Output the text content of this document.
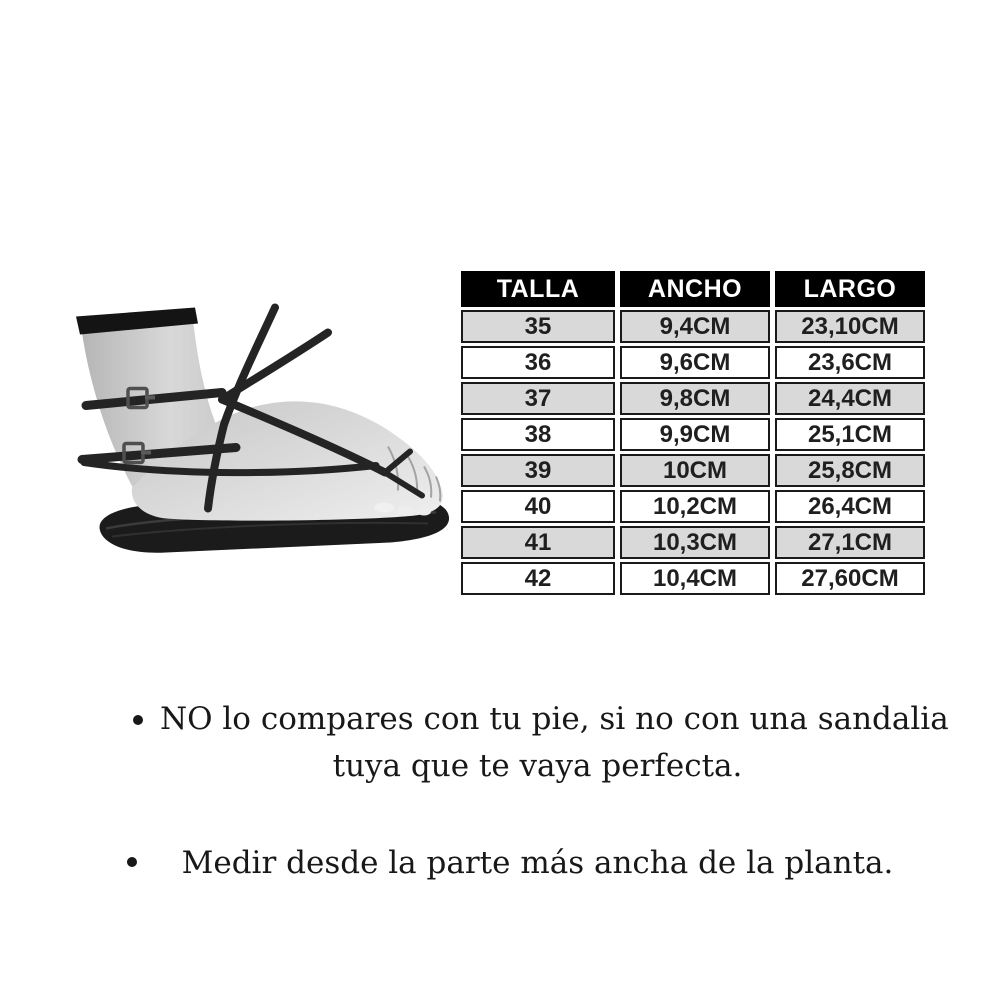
TALLA	ANCHO	LARGO
35	9,4CM	23,10CM
36	9,6CM	23,6CM
37	9,8CM	24,4CM
38	9,9CM	25,1CM
39	10CM	25,8CM
40	10,2CM	26,4CM
41	10,3CM	27,1CM
42	10,4CM	27,60CM
NO lo compares con tu pie, si no con una sandalia
tuya que te vaya perfecta.
Medir desde la parte más ancha de la planta.
